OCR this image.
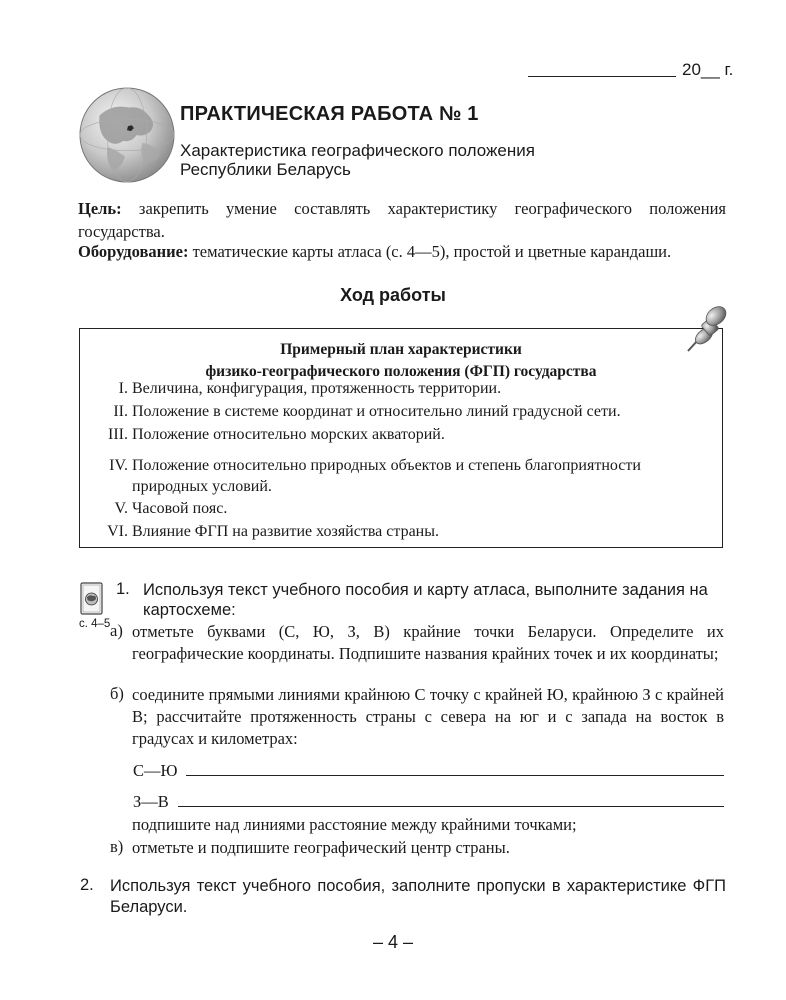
20__ г.
ПРАКТИЧЕСКАЯ РАБОТА № 1
Характеристика географического положения
Республики Беларусь
Цель: закрепить умение составлять характеристику географического положения государства.
Оборудование: тематические карты атласа (с. 4—5), простой и цветные карандаши.
Ход работы
Примерный план характеристики
физико-географического положения (ФГП) государства
I. Величина, конфигурация, протяженность территории.
II. Положение в системе координат и относительно линий градусной сети.
III. Положение относительно морских акваторий.
IV. Положение относительно природных объектов и степень благоприятности природных условий.
V. Часовой пояс.
VI. Влияние ФГП на развитие хозяйства страны.
с. 4–5
1. Используя текст учебного пособия и карту атласа, выполните задания на
картосхеме:
а) отметьте буквами (С, Ю, З, В) крайние точки Беларуси. Определите их географические координаты. Подпишите названия крайних точек и их координаты;
б) соедините прямыми линиями крайнюю С точку с крайней Ю, крайнюю З с крайней В; рассчитайте протяженность страны с севера на юг и с запада на восток в градусах и километрах:
С—Ю
З—В
подпишите над линиями расстояние между крайними точками;
в) отметьте и подпишите географический центр страны.
2. Используя текст учебного пособия, заполните пропуски в характеристике ФГП Беларуси.
– 4 –
